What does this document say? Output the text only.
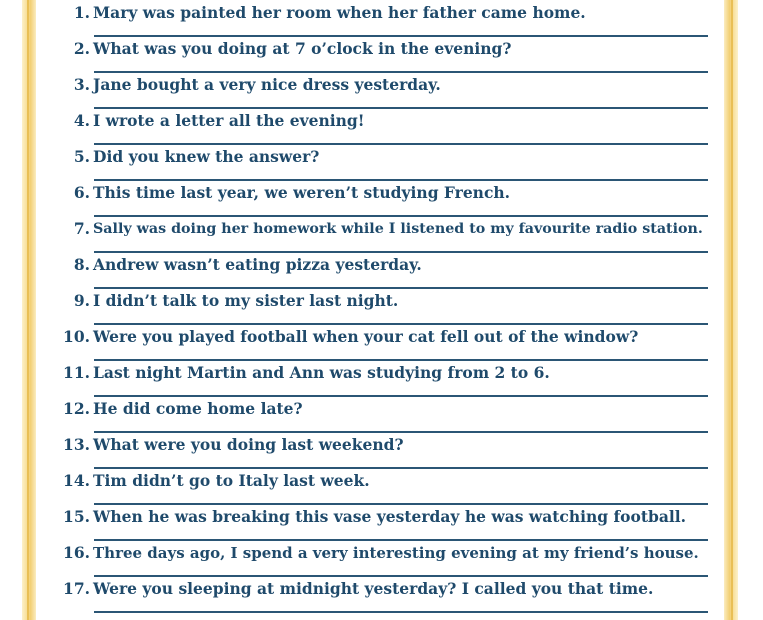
1. Mary was painted her room when her father came home.
2. What was you doing at 7 o’clock in the evening?
3. Jane bought a very nice dress yesterday.
4. I wrote a letter all the evening!
5. Did you knew the answer?
6. This time last year, we weren’t studying French.
7. Sally was doing her homework while I listened to my favourite radio station.
8. Andrew wasn’t eating pizza yesterday.
9. I didn’t talk to my sister last night.
10. Were you played football when your cat fell out of the window?
11. Last night Martin and Ann was studying from 2 to 6.
12. He did come home late?
13. What were you doing last weekend?
14. Tim didn’t go to Italy last week.
15. When he was breaking this vase yesterday he was watching football.
16. Three days ago, I spend a very interesting evening at my friend’s house.
17. Were you sleeping at midnight yesterday? I called you that time.
